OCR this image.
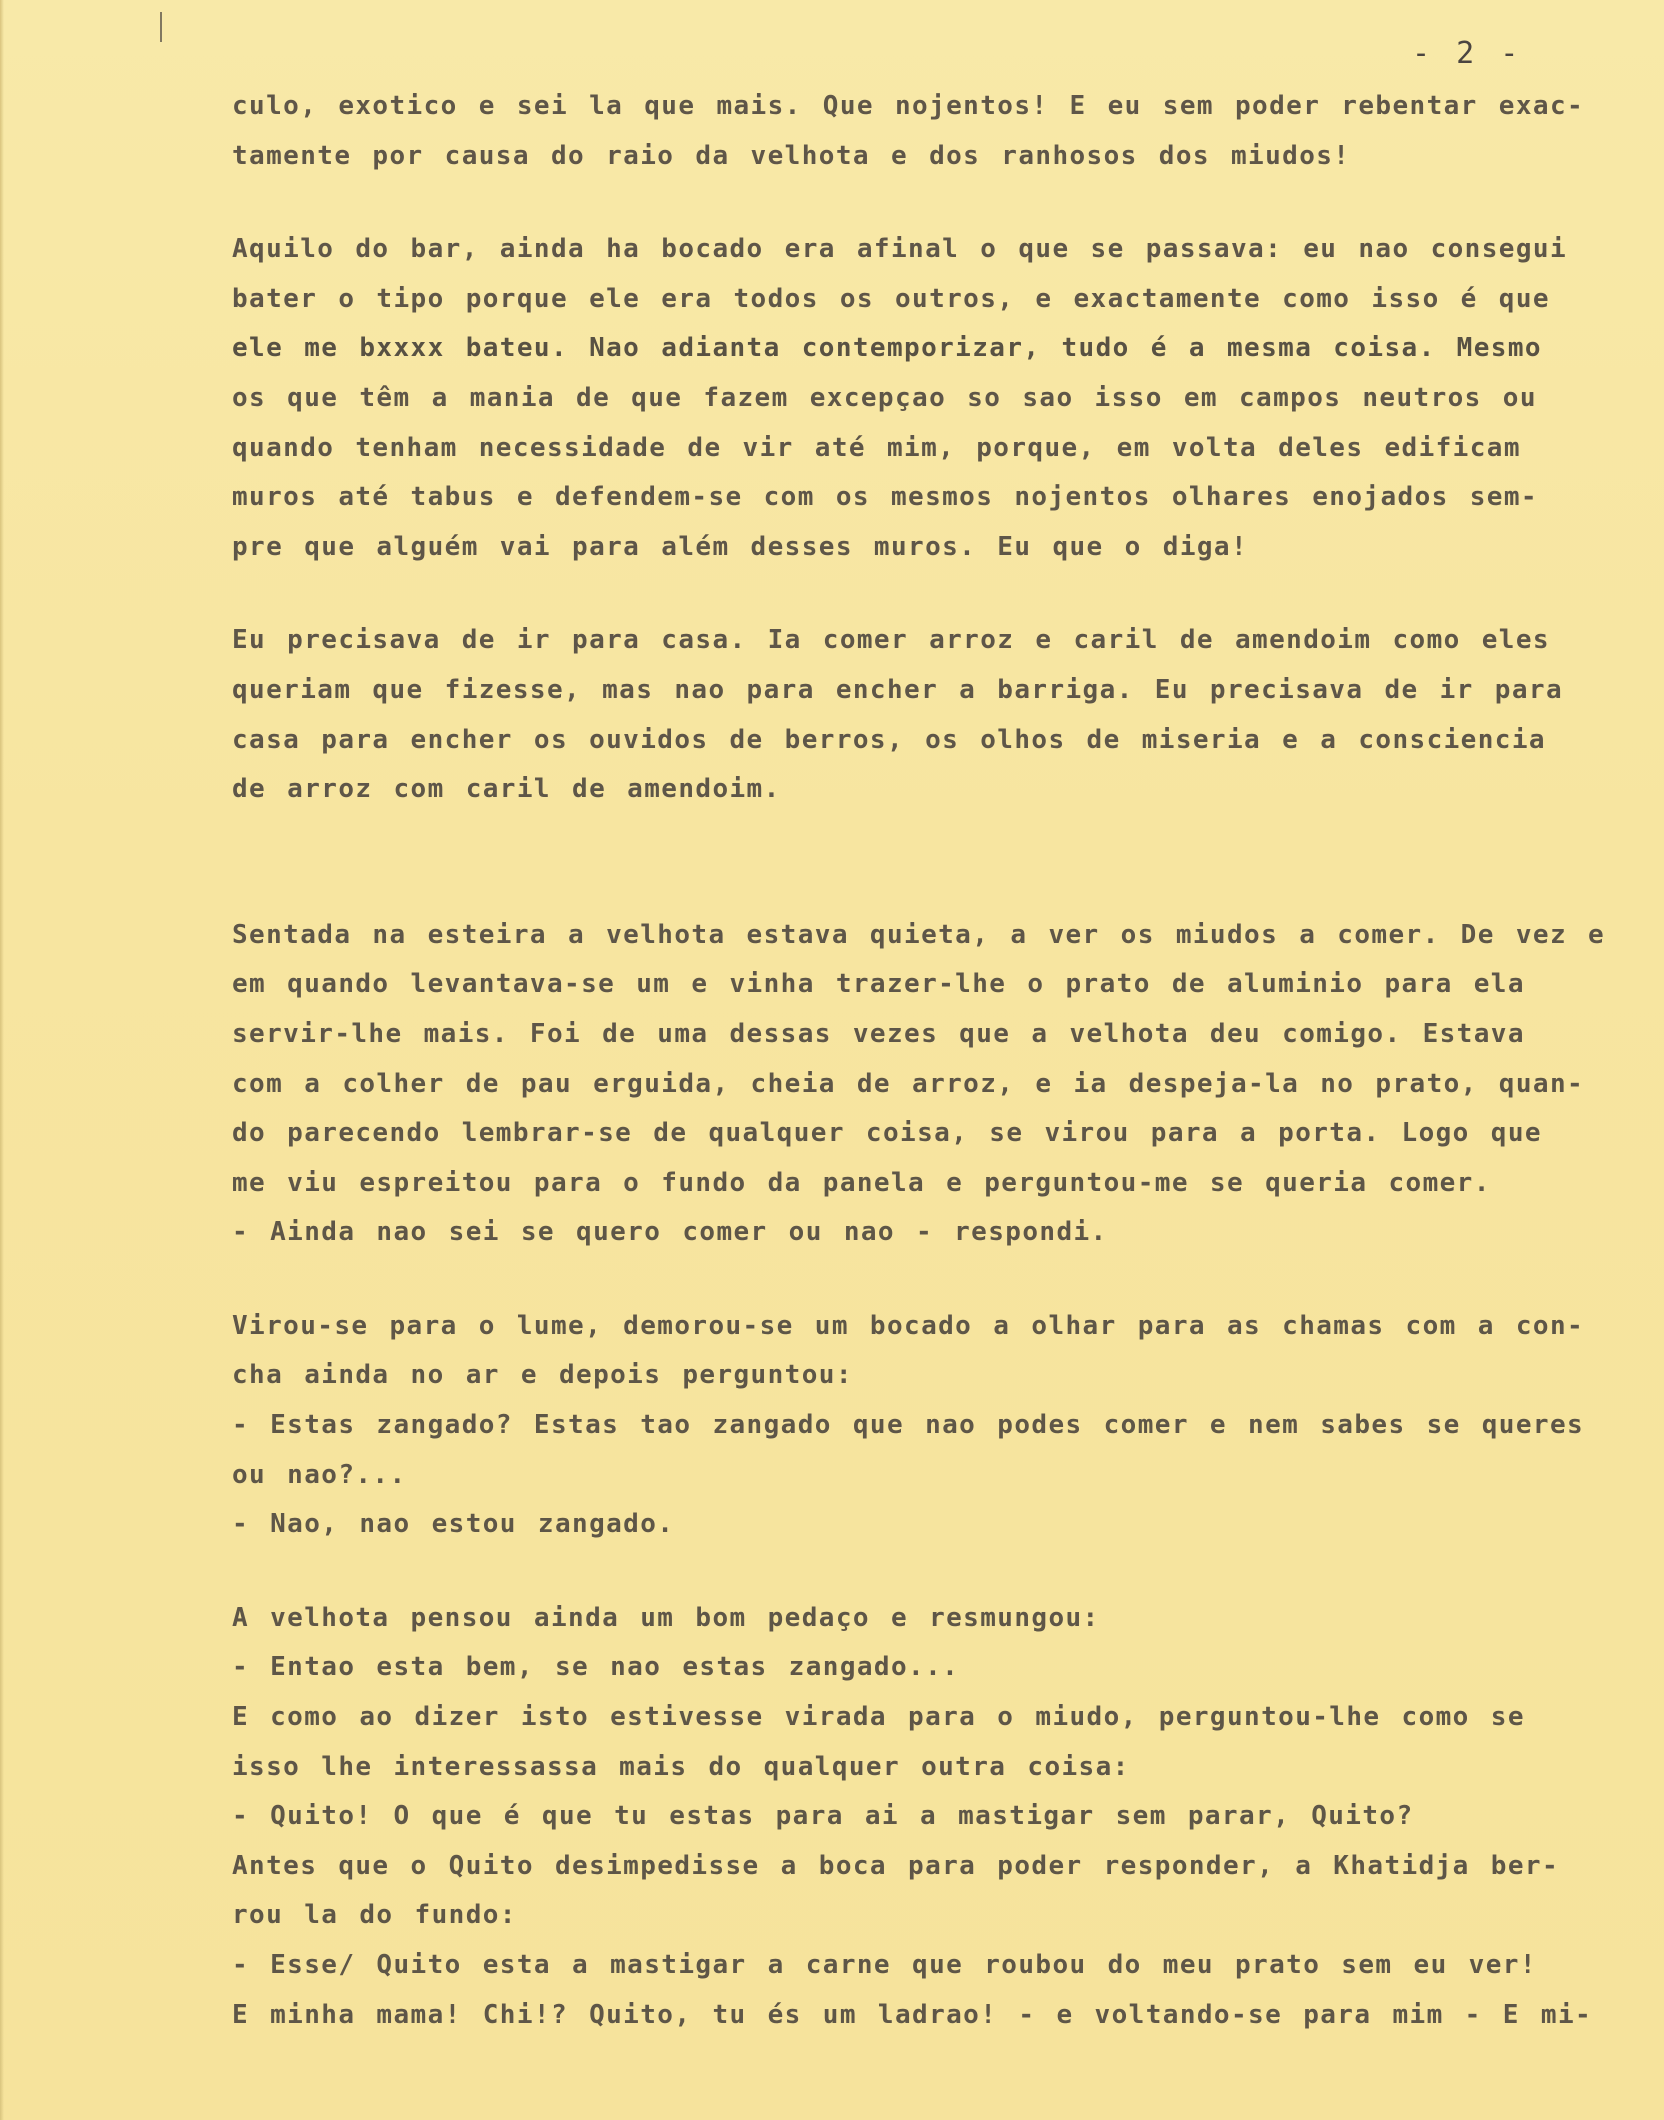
- 2 -
culo, exotico e sei la que mais. Que nojentos! E eu sem poder rebentar exac-
tamente por causa do raio da velhota e dos ranhosos dos miudos!
Aquilo do bar, ainda ha bocado era afinal o que se passava: eu nao consegui
bater o tipo porque ele era todos os outros, e exactamente como isso é que
ele me bxxxx bateu. Nao adianta contemporizar, tudo é a mesma coisa. Mesmo
os que têm a mania de que fazem excepçao so sao isso em campos neutros ou
quando tenham necessidade de vir até mim, porque, em volta deles edificam
muros até tabus e defendem-se com os mesmos nojentos olhares enojados sem-
pre que alguém vai para além desses muros. Eu que o diga!
Eu precisava de ir para casa. Ia comer arroz e caril de amendoim como eles
queriam que fizesse, mas nao para encher a barriga. Eu precisava de ir para
casa para encher os ouvidos de berros, os olhos de miseria e a consciencia
de arroz com caril de amendoim.
Sentada na esteira a velhota estava quieta, a ver os miudos a comer. De vez e
em quando levantava-se um e vinha trazer-lhe o prato de aluminio para ela
servir-lhe mais. Foi de uma dessas vezes que a velhota deu comigo. Estava
com a colher de pau erguida, cheia de arroz, e ia despeja-la no prato, quan-
do parecendo lembrar-se de qualquer coisa, se virou para a porta. Logo que
me viu espreitou para o fundo da panela e perguntou-me se queria comer.
- Ainda nao sei se quero comer ou nao - respondi.
Virou-se para o lume, demorou-se um bocado a olhar para as chamas com a con-
cha ainda no ar e depois perguntou:
- Estas zangado? Estas tao zangado que nao podes comer e nem sabes se queres
ou nao?...
- Nao, nao estou zangado.
A velhota pensou ainda um bom pedaço e resmungou:
- Entao esta bem, se nao estas zangado...
E como ao dizer isto estivesse virada para o miudo, perguntou-lhe como se
isso lhe interessassa mais do qualquer outra coisa:
- Quito! O que é que tu estas para ai a mastigar sem parar, Quito?
Antes que o Quito desimpedisse a boca para poder responder, a Khatidja ber-
rou la do fundo:
- Esse/ Quito esta a mastigar a carne que roubou do meu prato sem eu ver!
E minha mama! Chi!? Quito, tu és um ladrao! - e voltando-se para mim - E mi-
